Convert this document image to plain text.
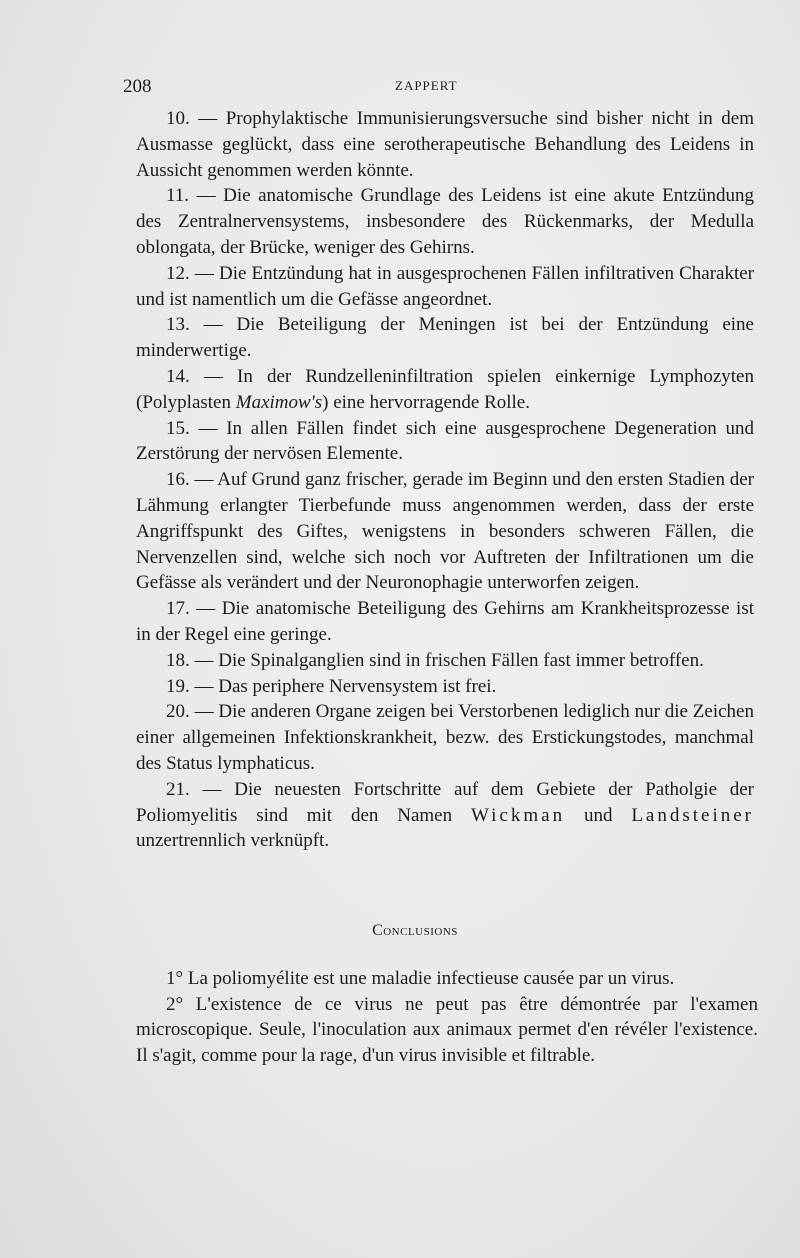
208	ZAPPERT

10. — Prophylaktische Immunisierungsversuche sind bisher nicht in dem Ausmasse geglückt, dass eine serotherapeutische Behandlung des Leidens in Aussicht genommen werden könnte.

11. — Die anatomische Grundlage des Leidens ist eine akute Entzündung des Zentralnervensystems, insbesondere des Rückenmarks, der Medulla oblongata, der Brücke, weniger des Gehirns.

12. — Die Entzündung hat in ausgesprochenen Fällen infiltrativen Charakter und ist namentlich um die Gefässe angeordnet.

13. — Die Beteiligung der Meningen ist bei der Entzündung eine minderwertige.

14. — In der Rundzelleninfiltration spielen einkernige Lymphozyten (Polyplasten Maximow's) eine hervorragende Rolle.

15. — In allen Fällen findet sich eine ausgesprochene Degeneration und Zerstörung der nervösen Elemente.

16. — Auf Grund ganz frischer, gerade im Beginn und den ersten Stadien der Lähmung erlangter Tierbefunde muss angenommen werden, dass der erste Angriffspunkt des Giftes, wenigstens in besonders schweren Fällen, die Nervenzellen sind, welche sich noch vor Auftreten der Infiltrationen um die Gefässe als verändert und der Neuronophagie unterworfen zeigen.

17. — Die anatomische Beteiligung des Gehirns am Krankheitsprozesse ist in der Regel eine geringe.

18. — Die Spinalganglien sind in frischen Fällen fast immer betroffen.

19. — Das periphere Nervensystem ist frei.

20. — Die anderen Organe zeigen bei Verstorbenen lediglich nur die Zeichen einer allgemeinen Infektionskrankheit, bezw. des Erstickungstodes, manchmal des Status lymphaticus.

21. — Die neuesten Fortschritte auf dem Gebiete der Patholgie der Poliomyelitis sind mit den Namen Wickman und Landsteiner unzertrennlich verknüpft.

Conclusions

1° La poliomyélite est une maladie infectieuse causée par un virus.

2° L'existence de ce virus ne peut pas être démontrée par l'examen microscopique. Seule, l'inoculation aux animaux permet d'en révéler l'existence. Il s'agit, comme pour la rage, d'un virus invisible et filtrable.
